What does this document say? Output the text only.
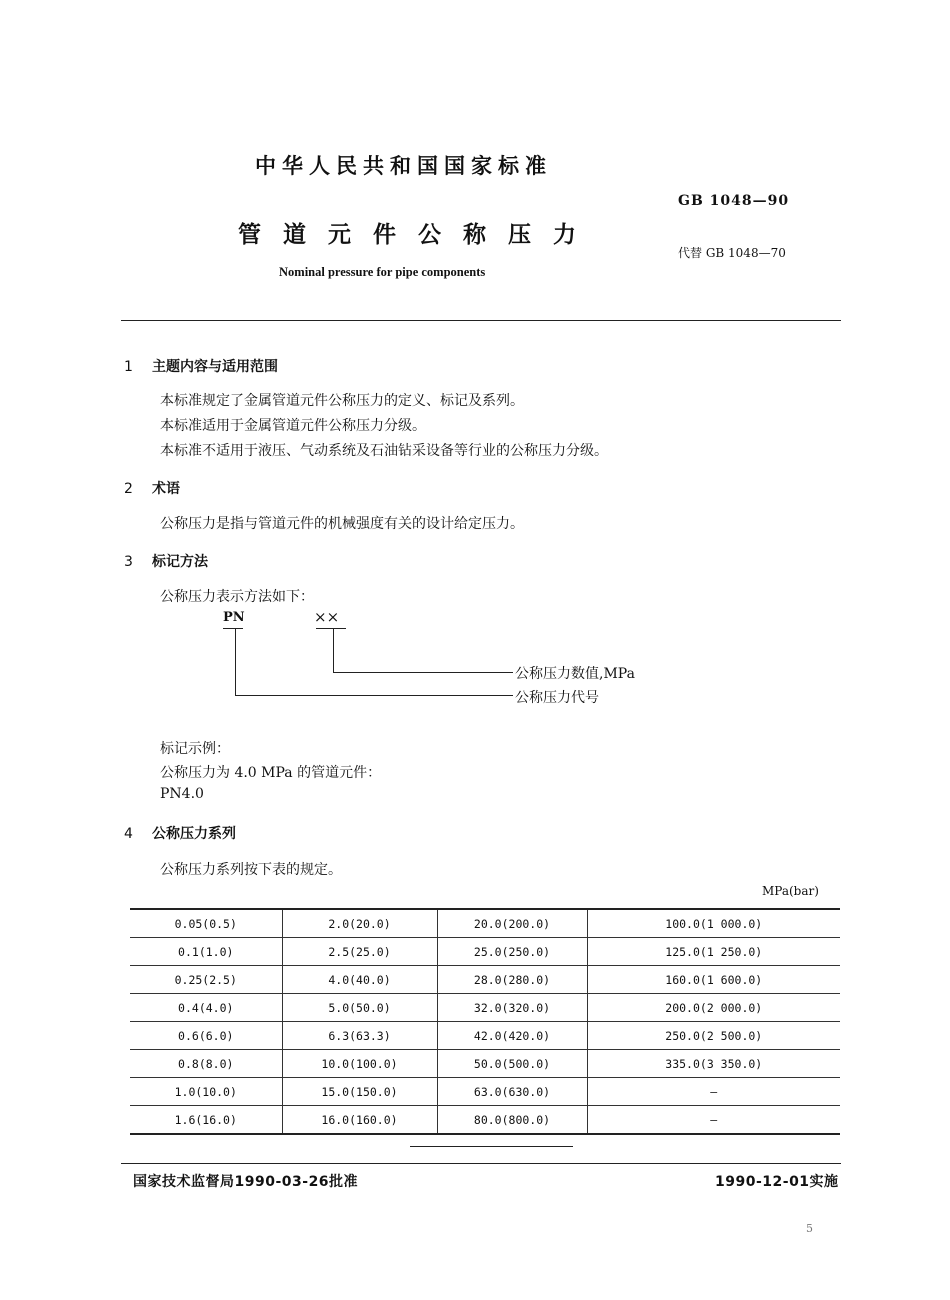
中华人民共和国国家标准
管道元件公称压力
Nominal pressure for pipe components
GB 1048—90
代替 GB 1048—70
1 主题内容与适用范围
本标准规定了金属管道元件公称压力的定义、标记及系列。
本标准适用于金属管道元件公称压力分级。
本标准不适用于液压、气动系统及石油钻采设备等行业的公称压力分级。
2 术语
公称压力是指与管道元件的机械强度有关的设计给定压力。
3 标记方法
公称压力表示方法如下：
PN	××
公称压力数值,MPa
公称压力代号
标记示例：
公称压力为 4.0 MPa 的管道元件：
PN4.0
4 公称压力系列
公称压力系列按下表的规定。
MPa(bar)
0.05(0.5)	2.0(20.0)	20.0(200.0)	100.0(1 000.0)
0.1(1.0)	2.5(25.0)	25.0(250.0)	125.0(1 250.0)
0.25(2.5)	4.0(40.0)	28.0(280.0)	160.0(1 600.0)
0.4(4.0)	5.0(50.0)	32.0(320.0)	200.0(2 000.0)
0.6(6.0)	6.3(63.3)	42.0(420.0)	250.0(2 500.0)
0.8(8.0)	10.0(100.0)	50.0(500.0)	335.0(3 350.0)
1.0(10.0)	15.0(150.0)	63.0(630.0)	—
1.6(16.0)	16.0(160.0)	80.0(800.0)	—
国家技术监督局1990-03-26批准	1990-12-01实施
5
